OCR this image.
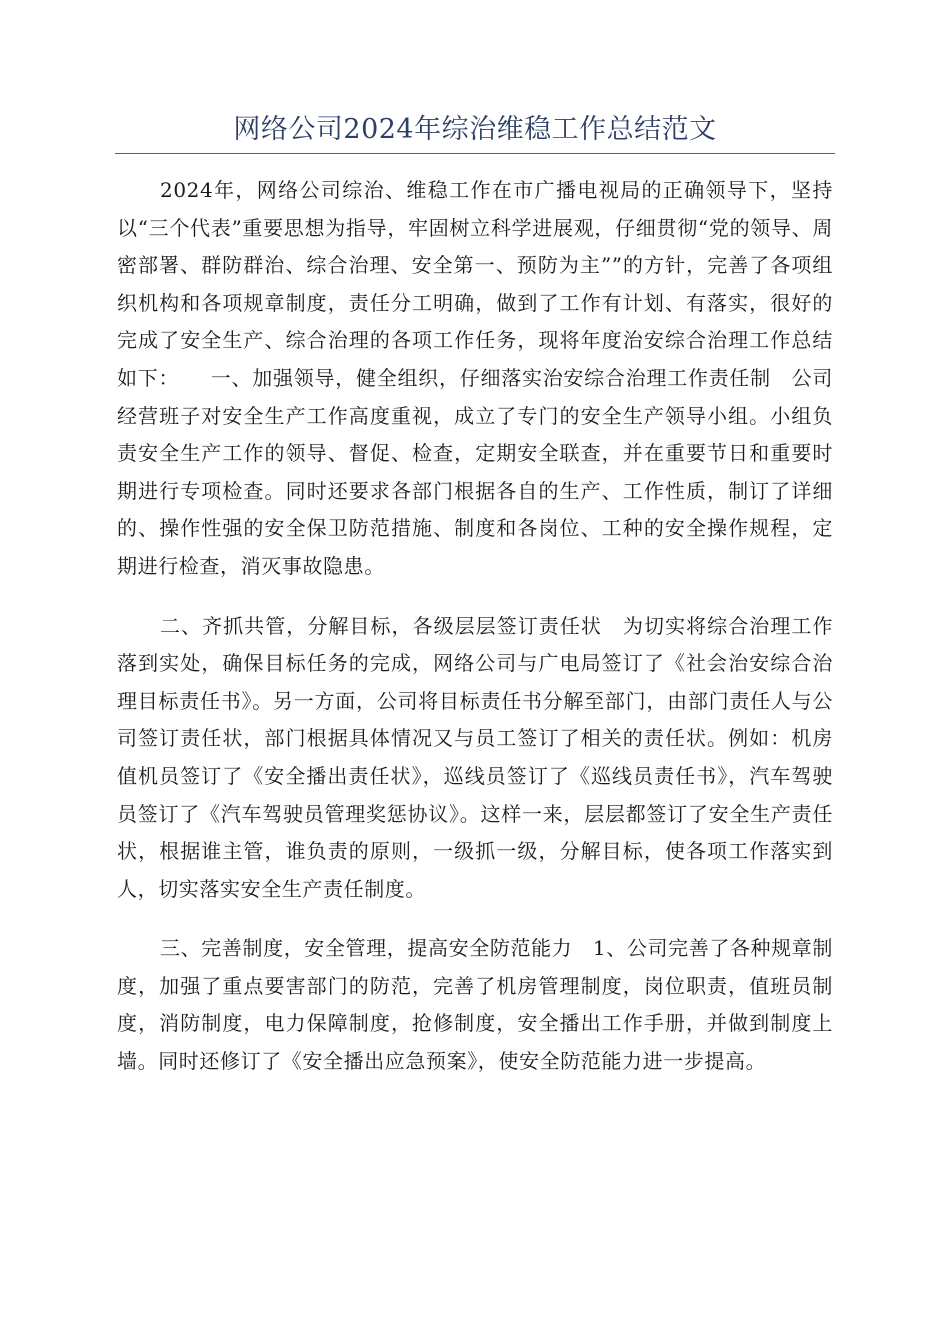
网络公司2024年综治维稳工作总结范文

2024年，网络公司综治、维稳工作在市广播电视局的正确领导下，坚持以“三个代表”重要思想为指导，牢固树立科学进展观，仔细贯彻“党的领导、周密部署、群防群治、综合治理、安全第一、预防为主””的方针，完善了各项组织机构和各项规章制度，责任分工明确，做到了工作有计划、有落实，很好的完成了安全生产、综合治理的各项工作任务，现将年度治安综合治理工作总结如下：　　一、加强领导，健全组织，仔细落实治安综合治理工作责任制　公司经营班子对安全生产工作高度重视，成立了专门的安全生产领导小组。小组负责安全生产工作的领导、督促、检查，定期安全联查，并在重要节日和重要时期进行专项检查。同时还要求各部门根据各自的生产、工作性质，制订了详细的、操作性强的安全保卫防范措施、制度和各岗位、工种的安全操作规程，定期进行检查，消灭事故隐患。

二、齐抓共管，分解目标，各级层层签订责任状　为切实将综合治理工作落到实处，确保目标任务的完成，网络公司与广电局签订了《社会治安综合治理目标责任书》。另一方面，公司将目标责任书分解至部门，由部门责任人与公司签订责任状，部门根据具体情况又与员工签订了相关的责任状。例如：机房值机员签订了《安全播出责任状》，巡线员签订了《巡线员责任书》，汽车驾驶员签订了《汽车驾驶员管理奖惩协议》。这样一来，层层都签订了安全生产责任状，根据谁主管，谁负责的原则，一级抓一级，分解目标，使各项工作落实到人，切实落实安全生产责任制度。

三、完善制度，安全管理，提高安全防范能力　1、公司完善了各种规章制度，加强了重点要害部门的防范，完善了机房管理制度，岗位职责，值班员制度，消防制度，电力保障制度，抢修制度，安全播出工作手册，并做到制度上墙。同时还修订了《安全播出应急预案》，使安全防范能力进一步提高。
